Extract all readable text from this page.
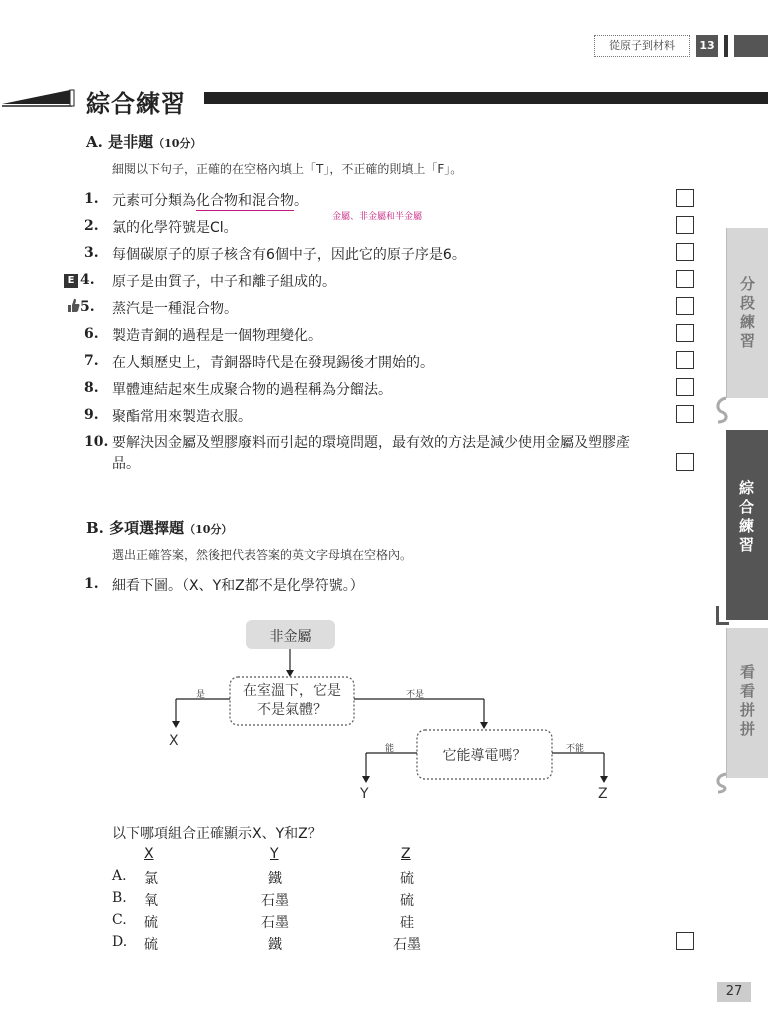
從原子到材料	13
綜合練習
A. 是非題（10分）
細閱以下句子，正確的在空格內填上「T」，不正確的則填上「F」。
1. 元素可分類為化合物和混合物。
金屬、非金屬和半金屬
2. 氯的化學符號是Cl。
3. 每個碳原子的原子核含有6個中子，因此它的原子序是6。
E 4.	原子是由質子，中子和離子組成的。
5.	蒸汽是一種混合物。
6. 製造青銅的過程是一個物理變化。
7. 在人類歷史上，青銅器時代是在發現錫後才開始的。
8. 單體連結起來生成聚合物的過程稱為分餾法。
9. 聚酯常用來製造衣服。
10. 要解決因金屬及塑膠廢料而引起的環境問題，最有效的方法是減少使用金屬及塑膠產品。
B. 多項選擇題（10分）
選出正確答案，然後把代表答案的英文字母填在空格內。
1. 細看下圖。（X、Y和Z都不是化學符號。）
非金屬
在室溫下，它是不是氣體？
是	不是
X
它能導電嗎？
能	不能
Y	Z
以下哪項組合正確顯示X、Y和Z？
X	Y	Z
A. 氯	鐵	硫
B. 氧	石墨	硫
C. 硫	石墨	硅
D. 硫	鐵	石墨
分段練習
綜合練習
看看拼拼
27
